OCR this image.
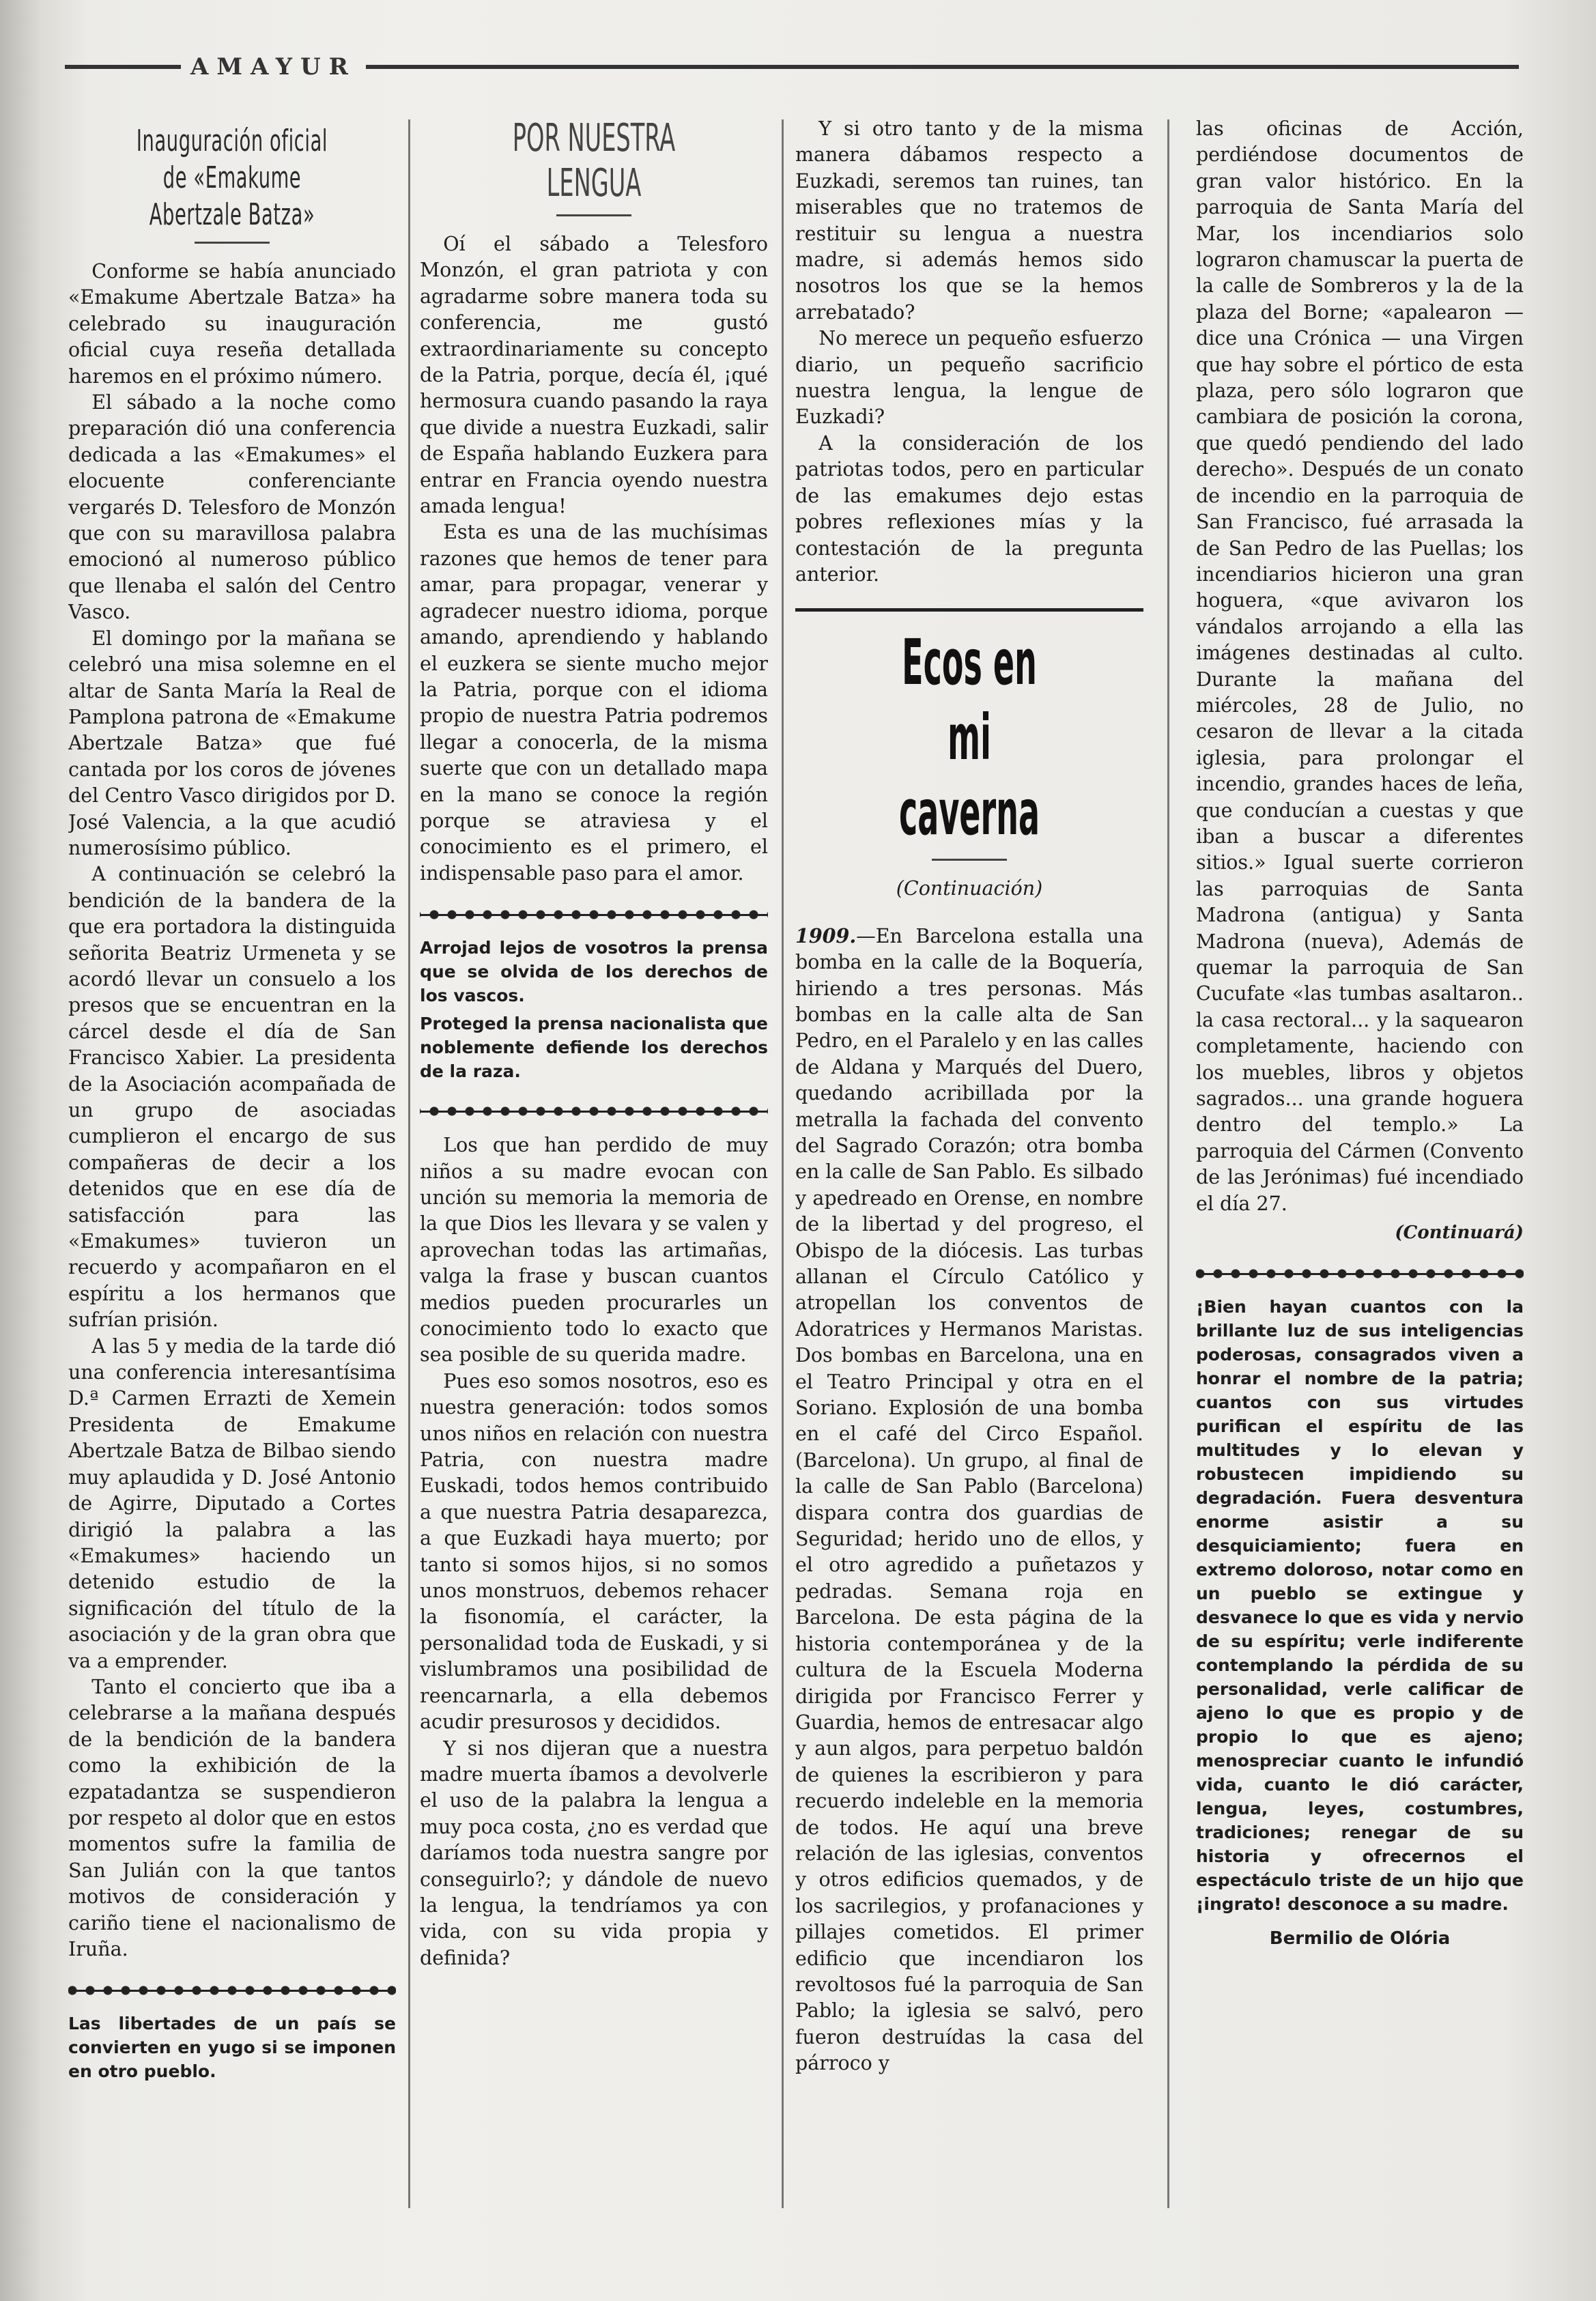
AMAYUR
Inauguración oficial de «Emakume Abertzale Batza»

Conforme se había anunciado «Emakume Abertzale Batza» ha celebrado su inauguración oficial cuya reseña detallada haremos en el próximo número.

El sábado a la noche como preparación dió una conferencia dedicada a las «Emakumes» el elocuente conferenciante vergarés D. Telesforo de Monzón que con su maravillosa palabra emocionó al numeroso público que llenaba el salón del Centro Vasco.

El domingo por la mañana se celebró una misa solemne en el altar de Santa María la Real de Pamplona patrona de «Emakume Abertzale Batza» que fué cantada por los coros de jóvenes del Centro Vasco dirigidos por D. José Valencia, a la que acudió numerosísimo público.

A continuación se celebró la bendición de la bandera de la que era portadora la distinguida señorita Beatriz Urmeneta y se acordó llevar un consuelo a los presos que se encuentran en la cárcel desde el día de San Francisco Xabier. La presidenta de la Asociación acompañada de un grupo de asociadas cumplieron el encargo de sus compañeras de decir a los detenidos que en ese día de satisfacción para las «Emakumes» tuvieron un recuerdo y acompañaron en el espíritu a los hermanos que sufrían prisión.

A las 5 y media de la tarde dió una conferencia interesantísima D.ª Carmen Errazti de Xemein Presidenta de Emakume Abertzale Batza de Bilbao siendo muy aplaudida y D. José Antonio de Agirre, Diputado a Cortes dirigió la palabra a las «Emakumes» haciendo un detenido estudio de la significación del título de la asociación y de la gran obra que va a emprender.

Tanto el concierto que iba a celebrarse a la mañana después de la bendición de la bandera como la exhibición de la ezpatadantza se suspendieron por respeto al dolor que en estos momentos sufre la familia de San Julián con la que tantos motivos de consideración y cariño tiene el nacionalismo de Iruña.

Las libertades de un país se convierten en yugo si se imponen en otro pueblo.
POR NUESTRA LENGUA

Oí el sábado a Telesforo Monzón, el gran patriota y con agradarme sobre manera toda su conferencia, me gustó extraordinariamente su concepto de la Patria, porque, decía él, ¡qué hermosura cuando pasando la raya que divide a nuestra Euzkadi, salir de España hablando Euzkera para entrar en Francia oyendo nuestra amada lengua!

Esta es una de las muchísimas razones que hemos de tener para amar, para propagar, venerar y agradecer nuestro idioma, porque amando, aprendiendo y hablando el euzkera se siente mucho mejor la Patria, porque con el idioma propio de nuestra Patria podremos llegar a conocerla, de la misma suerte que con un detallado mapa en la mano se conoce la región porque se atraviesa y el conocimiento es el primero, el indispensable paso para el amor.

Arrojad lejos de vosotros la prensa que se olvida de los derechos de los vascos.
Proteged la prensa nacionalista que noblemente defiende los derechos de la raza.

Los que han perdido de muy niños a su madre evocan con unción su memoria la memoria de la que Dios les llevara y se valen y aprovechan todas las artimañas, valga la frase y buscan cuantos medios pueden procurarles un conocimiento todo lo exacto que sea posible de su querida madre.

Pues eso somos nosotros, eso es nuestra generación: todos somos unos niños en relación con nuestra Patria, con nuestra madre Euskadi, todos hemos contribuido a que nuestra Patria desaparezca, a que Euzkadi haya muerto; por tanto si somos hijos, si no somos unos monstruos, debemos rehacer la fisonomía, el carácter, la personalidad toda de Euskadi, y si vislumbramos una posibilidad de reencarnarla, a ella debemos acudir presurosos y decididos.

Y si nos dijeran que a nuestra madre muerta íbamos a devolverle el uso de la palabra la lengua a muy poca costa, ¿no es verdad que daríamos toda nuestra sangre por conseguirlo?; y dándole de nuevo la lengua, la tendríamos ya con vida, con su vida propia y definida?

Y si otro tanto y de la misma manera dábamos respecto a Euzkadi, seremos tan ruines, tan miserables que no tratemos de restituir su lengua a nuestra madre, si además hemos sido nosotros los que se la hemos arrebatado?

No merece un pequeño esfuerzo diario, un pequeño sacrificio nuestra lengua, la lengue de Euzkadi?

A la consideración de los patriotas todos, pero en particular de las emakumes dejo estas pobres reflexiones mías y la contestación de la pregunta anterior.

Ecos en mi caverna
(Continuación)

1909.—En Barcelona estalla una bomba en la calle de la Boquería, hiriendo a tres personas. Más bombas en la calle alta de San Pedro, en el Paralelo y en las calles de Aldana y Marqués del Duero, quedando acribillada por la metralla la fachada del convento del Sagrado Corazón; otra bomba en la calle de San Pablo. Es silbado y apedreado en Orense, en nombre de la libertad y del progreso, el Obispo de la diócesis. Las turbas allanan el Círculo Católico y atropellan los conventos de Adoratrices y Hermanos Maristas. Dos bombas en Barcelona, una en el Teatro Principal y otra en el Soriano. Explosión de una bomba en el café del Circo Español. (Barcelona). Un grupo, al final de la calle de San Pablo (Barcelona) dispara contra dos guardias de Seguridad; herido uno de ellos, y el otro agredido a puñetazos y pedradas. Semana roja en Barcelona. De esta página de la historia contemporánea y de la cultura de la Escuela Moderna dirigida por Francisco Ferrer y Guardia, hemos de entresacar algo y aun algos, para perpetuo baldón de quienes la escribieron y para recuerdo indeleble en la memoria de todos. He aquí una breve relación de las iglesias, conventos y otros edificios quemados, y de los sacrilegios, y profanaciones y pillajes cometidos. El primer edificio que incendiaron los revoltosos fué la parroquia de San Pablo; la iglesia se salvó, pero fueron destruídas la casa del párroco y

las oficinas de Acción, perdiéndose documentos de gran valor histórico. En la parroquia de Santa María del Mar, los incendiarios solo lograron chamuscar la puerta de la calle de Sombreros y la de la plaza del Borne; «apalearon — dice una Crónica — una Virgen que hay sobre el pórtico de esta plaza, pero sólo lograron que cambiara de posición la corona, que quedó pendiendo del lado derecho». Después de un conato de incendio en la parroquia de San Francisco, fué arrasada la de San Pedro de las Puellas; los incendiarios hicieron una gran hoguera, «que avivaron los vándalos arrojando a ella las imágenes destinadas al culto. Durante la mañana del miércoles, 28 de Julio, no cesaron de llevar a la citada iglesia, para prolongar el incendio, grandes haces de leña, que conducían a cuestas y que iban a buscar a diferentes sitios.» Igual suerte corrieron las parroquias de Santa Madrona (antigua) y Santa Madrona (nueva), Además de quemar la parroquia de San Cucufate «las tumbas asaltaron.. la casa rectoral... y la saquearon completamente, haciendo con los muebles, libros y objetos sagrados... una grande hoguera dentro del templo.» La parroquia del Cármen (Convento de las Jerónimas) fué incendiado el día 27.

(Continuará)
¡Bien hayan cuantos con la brillante luz de sus inteligencias poderosas, consagrados viven a honrar el nombre de la patria; cuantos con sus virtudes purifican el espíritu de las multitudes y lo elevan y robustecen impidiendo su degradación. Fuera desventura enorme asistir a su desquiciamiento; fuera en extremo doloroso, notar como en un pueblo se extingue y desvanece lo que es vida y nervio de su espíritu; verle indiferente contemplando la pérdida de su personalidad, verle calificar de ajeno lo que es propio y de propio lo que es ajeno; menospreciar cuanto le infundió vida, cuanto le dió carácter, lengua, leyes, costumbres, tradiciones; renegar de su historia y ofrecernos el espectáculo triste de un hijo que ¡ingrato! desconoce a su madre.
Bermilio de Olória
